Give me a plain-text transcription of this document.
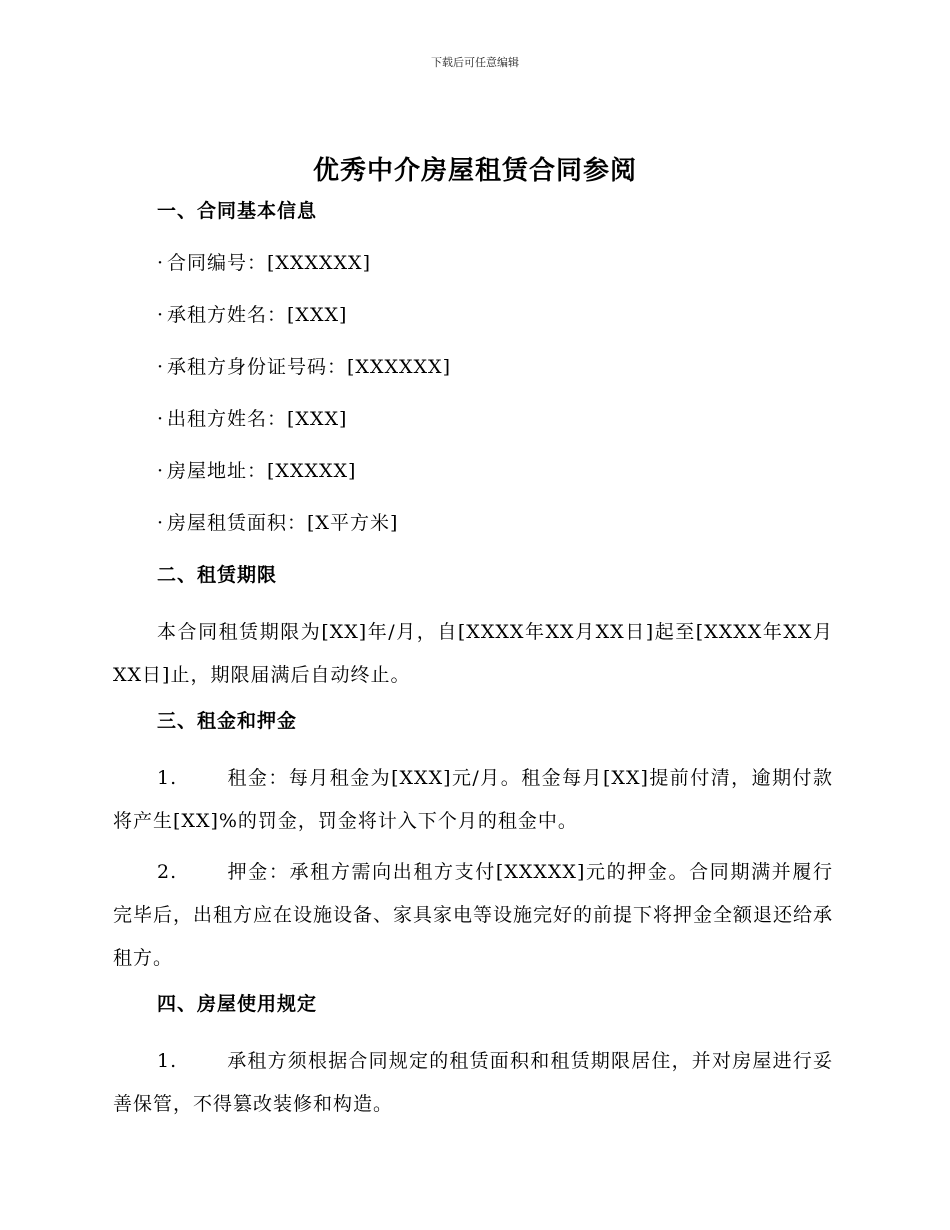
下载后可任意编辑
优秀中介房屋租赁合同参阅
一、合同基本信息
· 合同编号：[XXXXXX]
· 承租方姓名：[XXX]
· 承租方身份证号码：[XXXXXX]
· 出租方姓名：[XXX]
· 房屋地址：[XXXXX]
· 房屋租赁面积：[X平方米]
二、租赁期限

本合同租赁期限为[XX]年/月，自[XXXX年XX月XX日]起至[XXXX年XX月XX日]止，期限届满后自动终止。

三、租金和押金

1.	租金：每月租金为[XXX]元/月。租金每月[XX]提前付清，逾期付款将产生[XX]%的罚金，罚金将计入下个月的租金中。

2.	押金：承租方需向出租方支付[XXXXX]元的押金。合同期满并履行完毕后，出租方应在设施设备、家具家电等设施完好的前提下将押金全额退还给承租方。

四、房屋使用规定

1.	承租方须根据合同规定的租赁面积和租赁期限居住，并对房屋进行妥善保管，不得篡改装修和构造。
